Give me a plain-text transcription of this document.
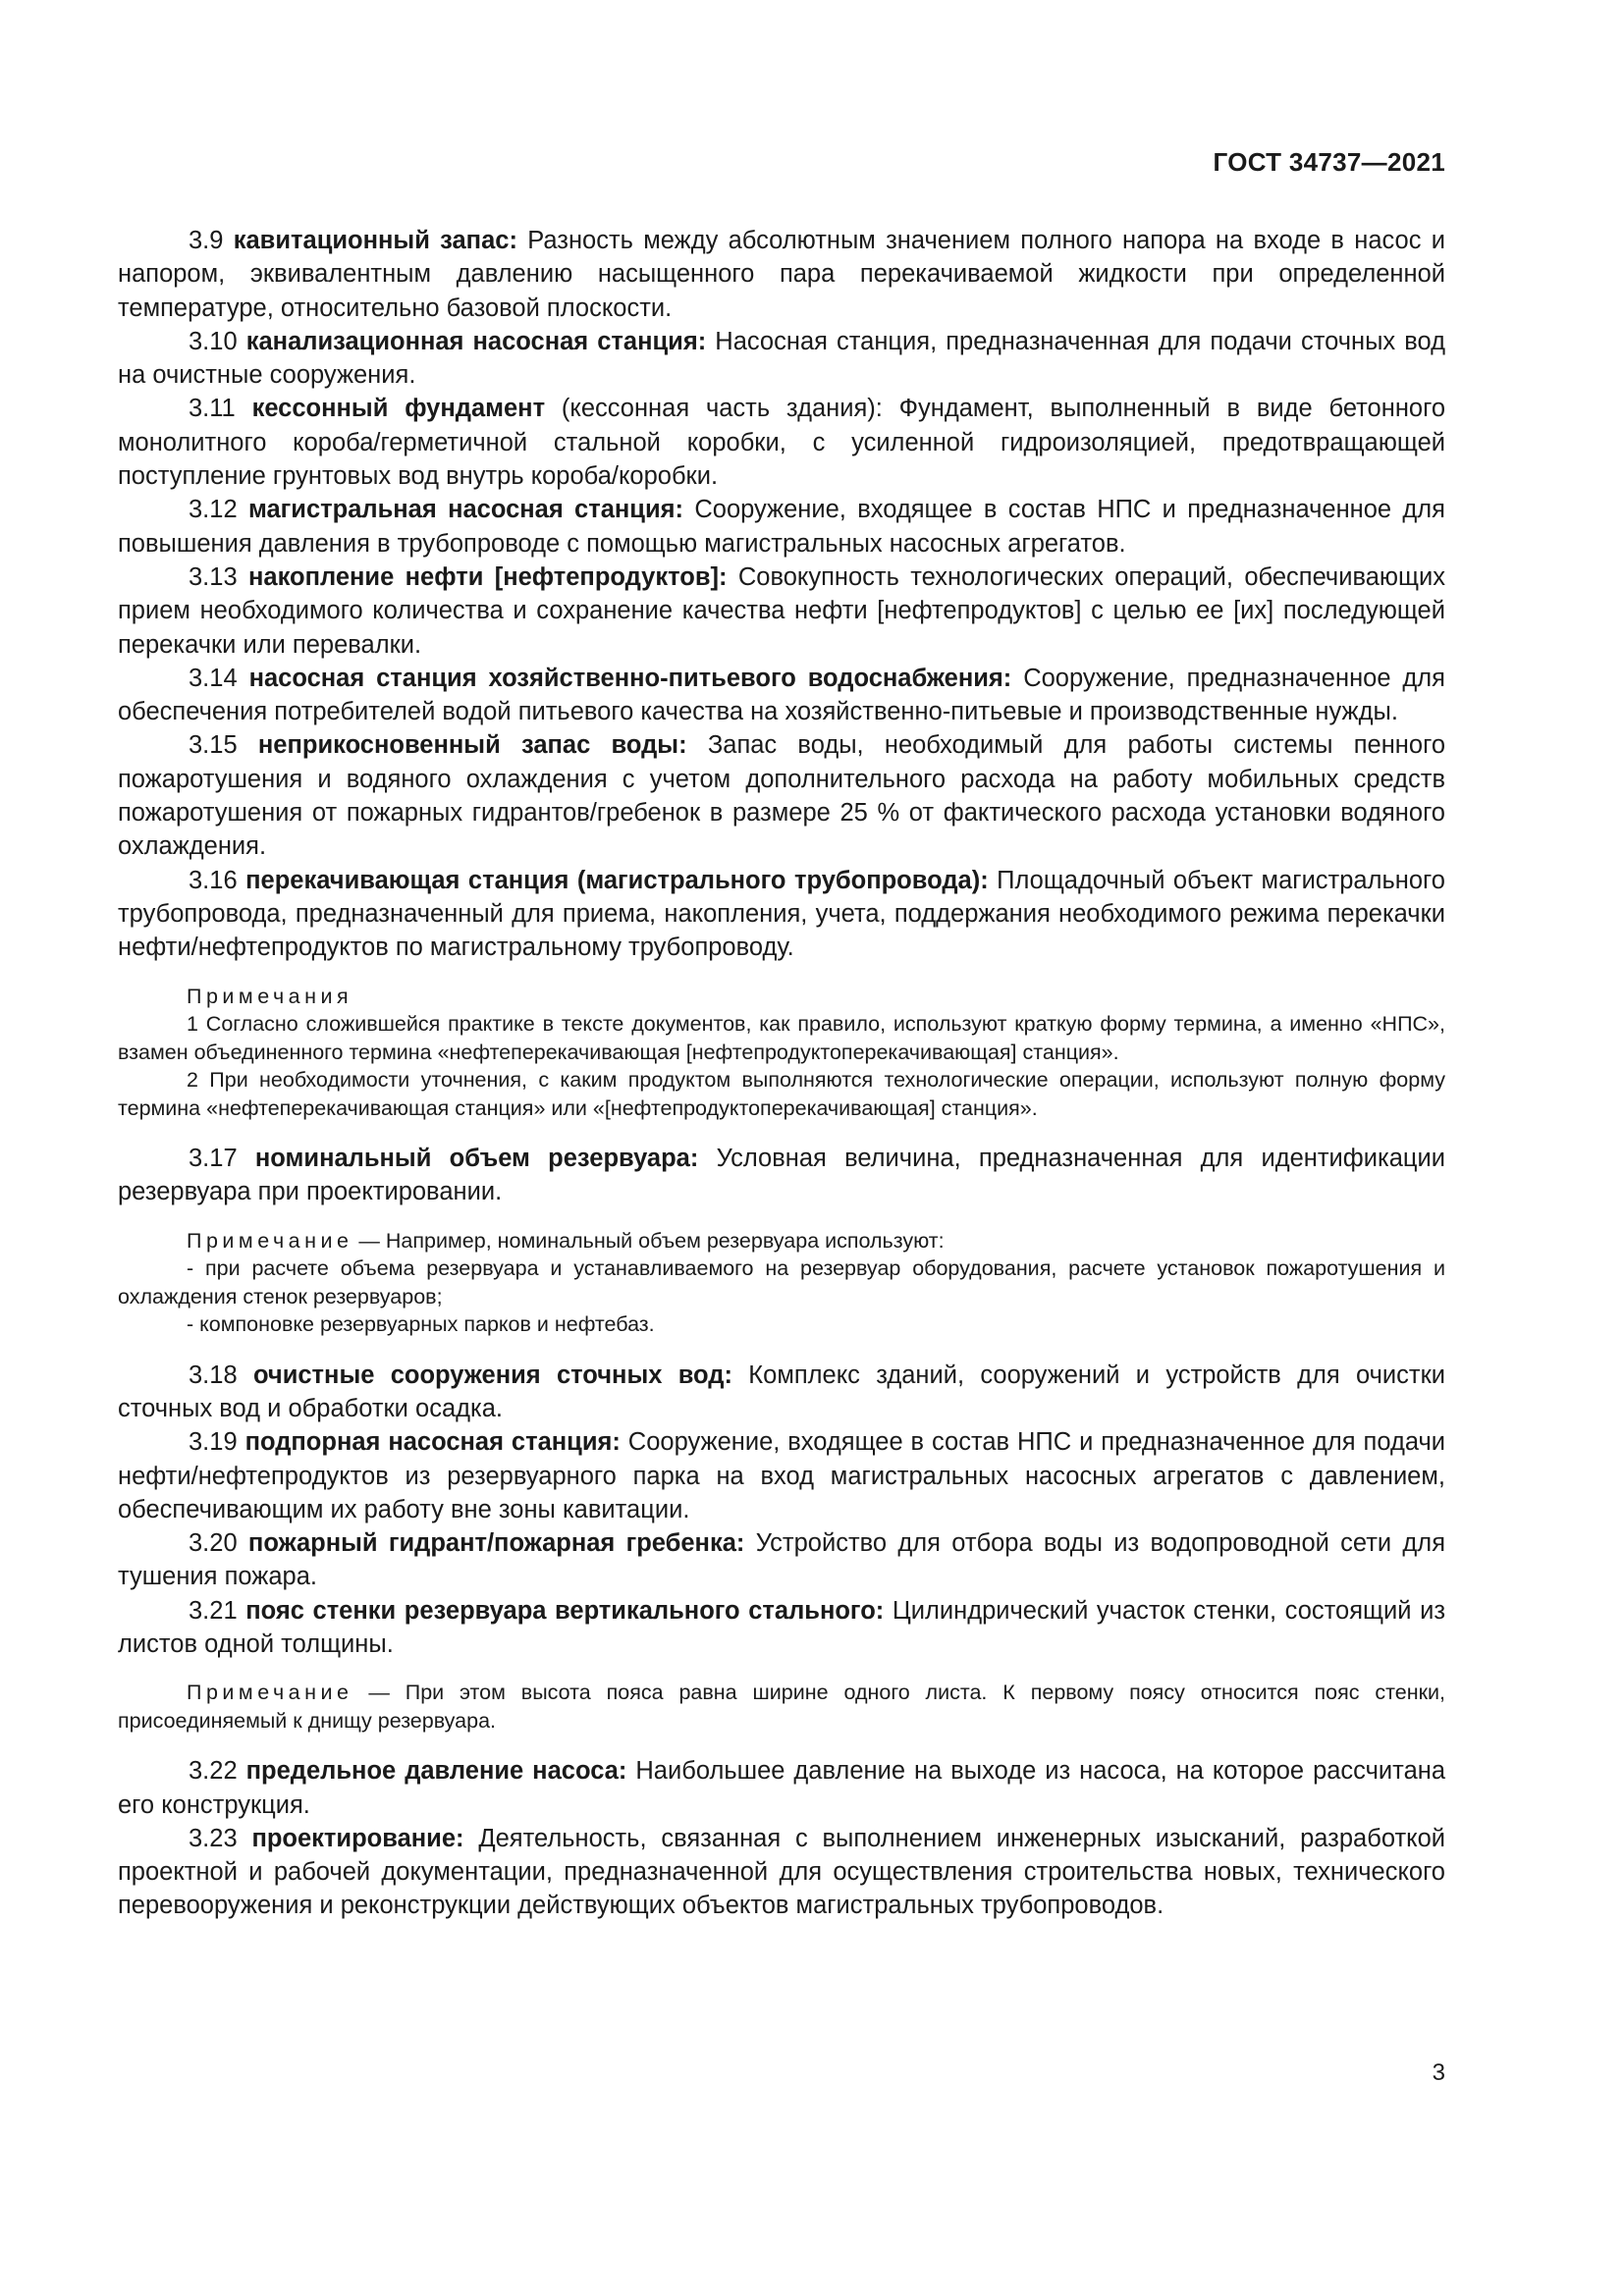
ГОСТ 34737—2021

3.9 кавитационный запас: Разность между абсолютным значением полного напора на входе в насос и напором, эквивалентным давлению насыщенного пара перекачиваемой жидкости при определенной температуре, относительно базовой плоскости.

3.10 канализационная насосная станция: Насосная станция, предназначенная для подачи сточных вод на очистные сооружения.

3.11 кессонный фундамент (кессонная часть здания): Фундамент, выполненный в виде бетонного монолитного короба/герметичной стальной коробки, с усиленной гидроизоляцией, предотвращающей поступление грунтовых вод внутрь короба/коробки.

3.12 магистральная насосная станция: Сооружение, входящее в состав НПС и предназначенное для повышения давления в трубопроводе с помощью магистральных насосных агрегатов.

3.13 накопление нефти [нефтепродуктов]: Совокупность технологических операций, обеспечивающих прием необходимого количества и сохранение качества нефти [нефтепродуктов] с целью ее [их] последующей перекачки или перевалки.

3.14 насосная станция хозяйственно-питьевого водоснабжения: Сооружение, предназначенное для обеспечения потребителей водой питьевого качества на хозяйственно-питьевые и производственные нужды.

3.15 неприкосновенный запас воды: Запас воды, необходимый для работы системы пенного пожаротушения и водяного охлаждения с учетом дополнительного расхода на работу мобильных средств пожаротушения от пожарных гидрантов/гребенок в размере 25 % от фактического расхода установки водяного охлаждения.

3.16 перекачивающая станция (магистрального трубопровода): Площадочный объект магистрального трубопровода, предназначенный для приема, накопления, учета, поддержания необходимого режима перекачки нефти/нефтепродуктов по магистральному трубопроводу.

Примечания

1 Согласно сложившейся практике в тексте документов, как правило, используют краткую форму термина, а именно «НПС», взамен объединенного термина «нефтеперекачивающая [нефтепродуктоперекачивающая] станция».

2 При необходимости уточнения, с каким продуктом выполняются технологические операции, используют полную форму термина «нефтеперекачивающая станция» или «[нефтепродуктоперекачивающая] станция».

3.17 номинальный объем резервуара: Условная величина, предназначенная для идентификации резервуара при проектировании.

Примечание — Например, номинальный объем резервуара используют:

- при расчете объема резервуара и устанавливаемого на резервуар оборудования, расчете установок пожаротушения и охлаждения стенок резервуаров;

- компоновке резервуарных парков и нефтебаз.

3.18 очистные сооружения сточных вод: Комплекс зданий, сооружений и устройств для очистки сточных вод и обработки осадка.

3.19 подпорная насосная станция: Сооружение, входящее в состав НПС и предназначенное для подачи нефти/нефтепродуктов из резервуарного парка на вход магистральных насосных агрегатов с давлением, обеспечивающим их работу вне зоны кавитации.

3.20 пожарный гидрант/пожарная гребенка: Устройство для отбора воды из водопроводной сети для тушения пожара.

3.21 пояс стенки резервуара вертикального стального: Цилиндрический участок стенки, состоящий из листов одной толщины.

Примечание — При этом высота пояса равна ширине одного листа. К первому поясу относится пояс стенки, присоединяемый к днищу резервуара.

3.22 предельное давление насоса: Наибольшее давление на выходе из насоса, на которое рассчитана его конструкция.

3.23 проектирование: Деятельность, связанная с выполнением инженерных изысканий, разработкой проектной и рабочей документации, предназначенной для осуществления строительства новых, технического перевооружения и реконструкции действующих объектов магистральных трубопроводов.

3
